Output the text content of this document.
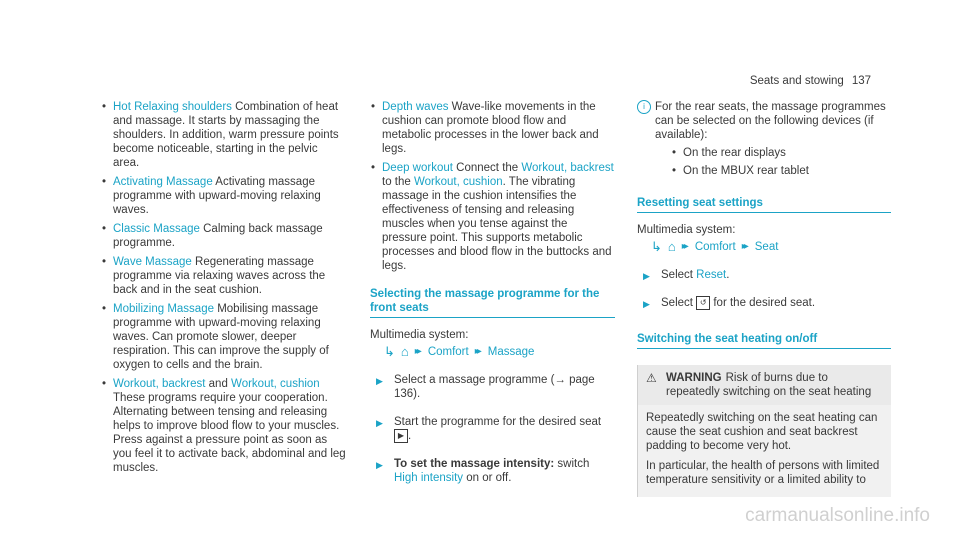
Seats and stowing 137

• Hot Relaxing shoulders Combination of heat and massage. It starts by massaging the shoulders. In addition, warm pressure points become noticeable, starting in the pelvic area.

• Activating Massage Activating massage programme with upward-moving relaxing waves.

• Classic Massage Calming back massage programme.

• Wave Massage Regenerating massage programme via relaxing waves across the back and in the seat cushion.

• Mobilizing Massage Mobilising massage programme with upward-moving relaxing waves. Can promote slower, deeper respiration. This can improve the supply of oxygen to cells and the brain.

• Workout, backrest and Workout, cushion These programs require your cooperation. Alternating between tensing and releasing helps to improve blood flow to your muscles. Press against a pressure point as soon as you feel it to activate back, abdominal and leg muscles.

• Depth waves Wave-like movements in the cushion can promote blood flow and metabolic processes in the lower back and legs.

• Deep workout Connect the Workout, backrest to the Workout, cushion. The vibrating massage in the cushion intensifies the effectiveness of tensing and releasing muscles when you tense against the pressure point. This supports metabolic processes and blood flow in the buttocks and legs.

Selecting the massage programme for the front seats

Multimedia system:

↳ ⌂ ▸▸ Comfort ▸▸ Massage
▶ Select a massage programme (→ page 136).

▶ Start the programme for the desired seat ▶ .

▶ To set the massage intensity: switch High intensity on or off.

i For the rear seats, the massage programmes can be selected on the following devices (if available):

• On the rear displays
• On the MBUX rear tablet
Resetting seat settings

Multimedia system:

↳ ⌂ ▸▸ Comfort ▸▸ Seat
▶ Select Reset.

▶ Select ↺ for the desired seat.

Switching the seat heating on/off
⚠ WARNING Risk of burns due to repeatedly switching on the seat heating

Repeatedly switching on the seat heating can cause the seat cushion and seat backrest padding to become very hot.

In particular, the health of persons with limited temperature sensitivity or a limited ability to

carmanualsonline.info
